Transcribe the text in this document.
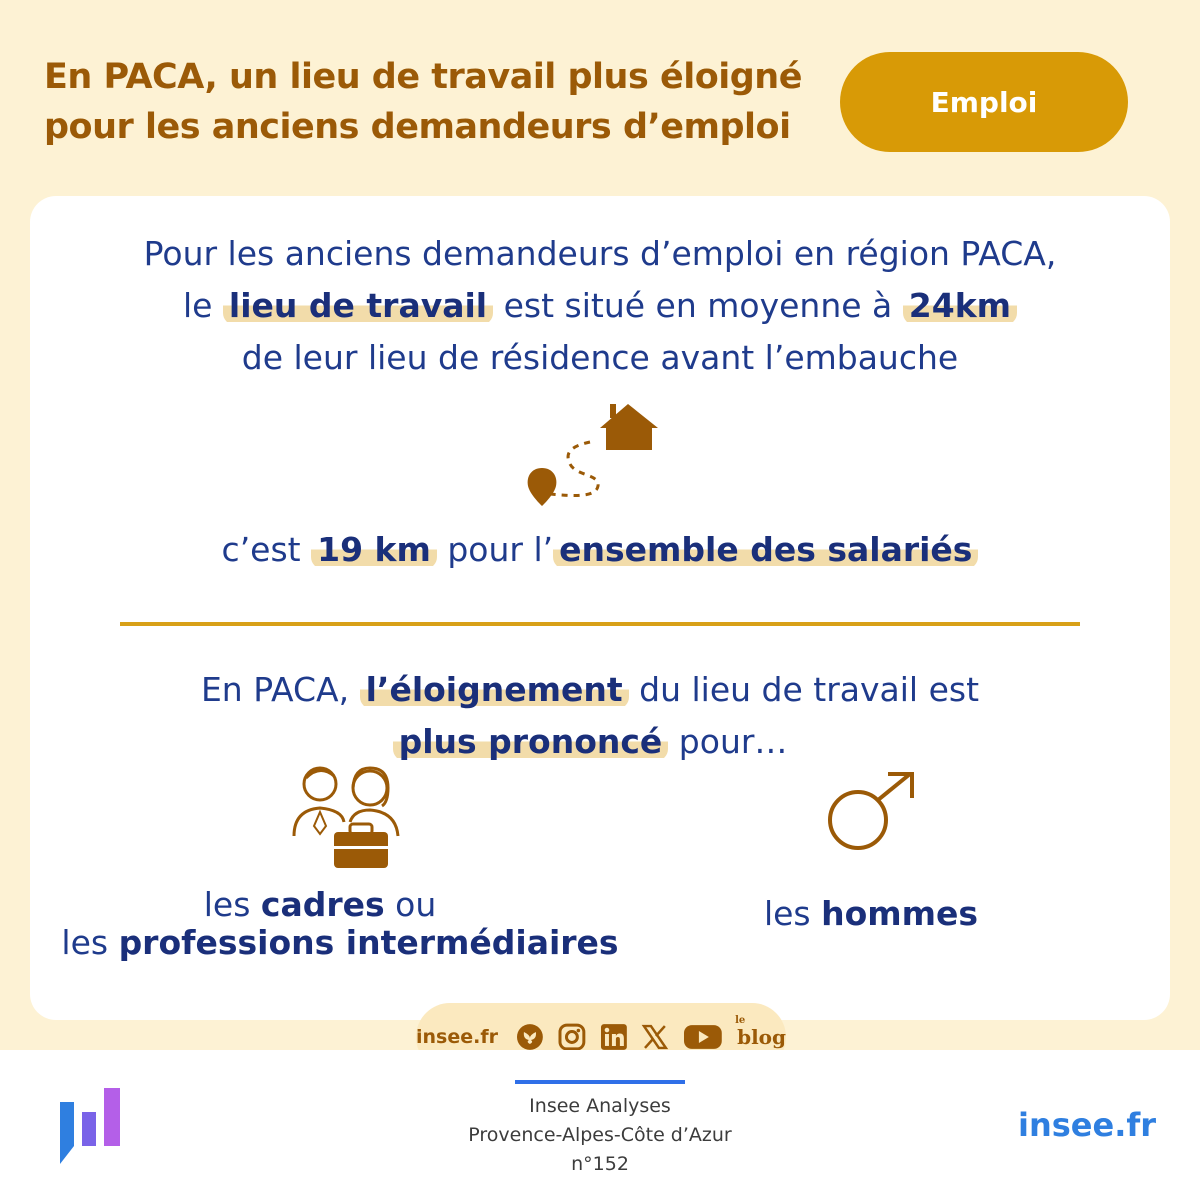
En PACA, un lieu de travail plus éloigné
pour les anciens demandeurs d’emploi
Emploi
Pour les anciens demandeurs d’emploi en région PACA,
le lieu de travail est situé en moyenne à 24km
de leur lieu de résidence avant l’embauche
c’est 19 km pour l’ ensemble des salariés
En PACA, l’éloignement du lieu de travail est
plus prononcé pour…
les cadres ou
les professions intermédiaires
les hommes
insee.fr
le
blog
Insee Analyses
Provence-Alpes-Côte d’Azur
n°152
insee.fr
